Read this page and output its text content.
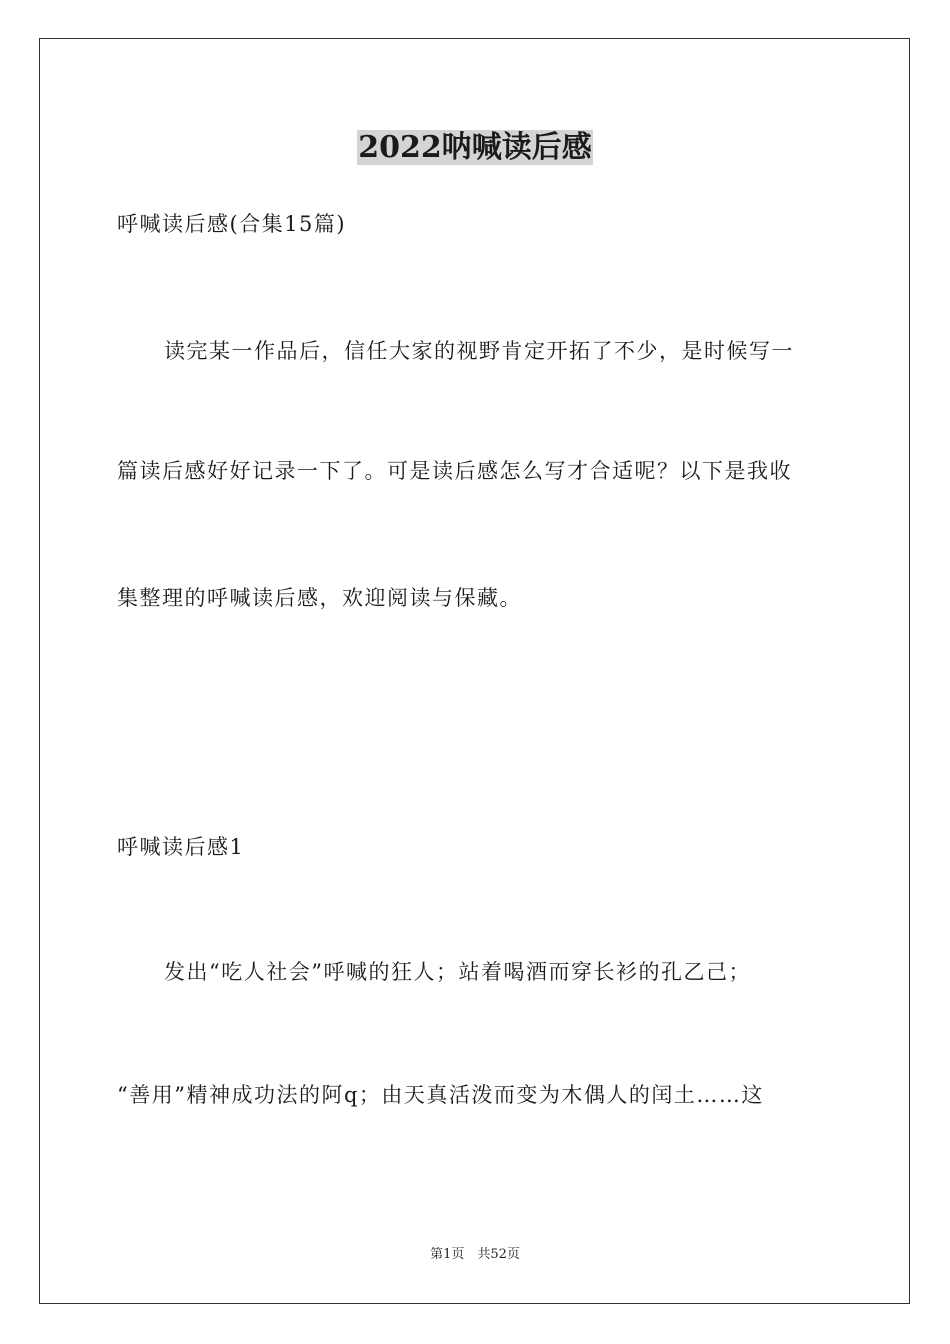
2022呐喊读后感
呼喊读后感(合集15篇)
读完某一作品后，信任大家的视野肯定开拓了不少，是时候写一
篇读后感好好记录一下了。可是读后感怎么写才合适呢？以下是我收
集整理的呼喊读后感，欢迎阅读与保藏。
呼喊读后感1
发出“吃人社会”呼喊的狂人；站着喝酒而穿长衫的孔乙己；
“善用”精神成功法的阿q；由天真活泼而变为木偶人的闰土……这
第1页　共52页
